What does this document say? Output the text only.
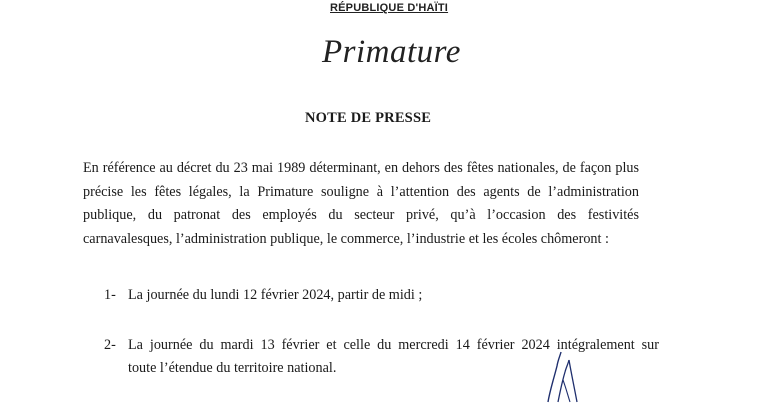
RÉPUBLIQUE D'HAÏTI
Primature
NOTE DE PRESSE
En référence au décret du 23 mai 1989 déterminant, en dehors des fêtes nationales, de façon plus
précise les fêtes légales, la Primature souligne à l’attention des agents de l’administration
publique, du patronat des employés du secteur privé, qu’à l’occasion des festivités
carnavalesques, l’administration publique, le commerce, l’industrie et les écoles chômeront :
1- La journée du lundi 12 février 2024, partir de midi ;
2- La journée du mardi 13 février et celle du mercredi 14 février 2024 intégralement sur
toute l’étendue du territoire national.
